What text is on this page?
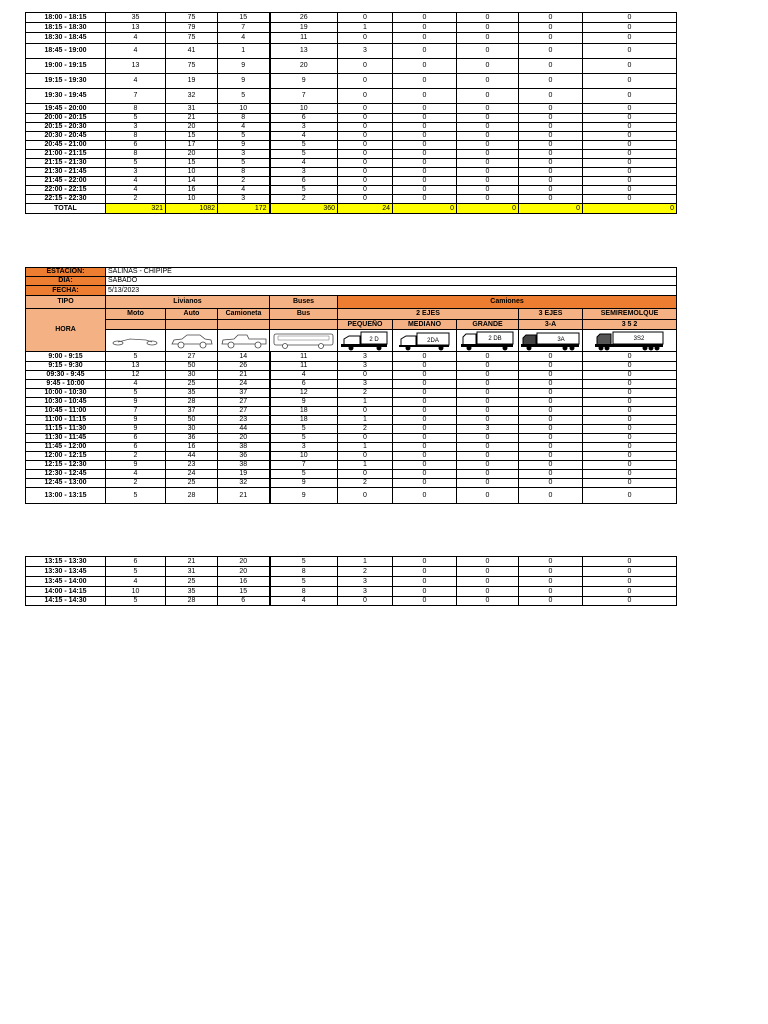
18:00 - 18:15	35	75	15	26	0	0	0	0	0
18:15 - 18:30	13	79	7	19	1	0	0	0	0
18:30 - 18:45	4	75	4	11	0	0	0	0	0
18:45 - 19:00	4	41	1	13	3	0	0	0	0
19:00 - 19:15	13	75	9	20	0	0	0	0	0
19:15 - 19:30	4	19	9	9	0	0	0	0	0
19:30 - 19:45	7	32	5	7	0	0	0	0	0
19:45 - 20:00	8	31	10	10	0	0	0	0	0
20:00 - 20:15	5	21	8	6	0	0	0	0	0
20:15 - 20:30	3	20	4	3	0	0	0	0	0
20:30 - 20:45	8	15	5	4	0	0	0	0	0
20:45 - 21:00	6	17	9	5	0	0	0	0	0
21:00 - 21:15	8	20	3	5	0	0	0	0	0
21:15 - 21:30	5	15	5	4	0	0	0	0	0
21:30 - 21:45	3	10	8	3	0	0	0	0	0
21:45 - 22:00	4	14	2	6	0	0	0	0	0
22:00 - 22:15	4	16	4	5	0	0	0	0	0
22:15 - 22:30	2	10	3	2	0	0	0	0	0
TOTAL	321	1082	172	360	24	0	0	0	0
ESTACIÓN:	SALINAS - CHIPIPE								
DÍA:	SABADO								
FECHA:	5/13/2023								
TIPO	Livianos			Buses	Camiones				
HORA	Moto	Auto	Camioneta	Bus	2 EJES			3 EJES	SEMIREMOLQUE
					PEQUEÑO	MEDIANO	GRANDE	3-A	3 5 2

2 D	2DA	2 DB	3A	3S2

9:00 - 9:15	5	27	14	11	3	0	0	0	0
9:15 - 9:30	13	50	26	11	3	0	0	0	0
09:30 - 9:45	12	30	21	4	0	0	0	0	0
9:45 - 10:00	4	25	24	6	3	0	0	0	0
10:00 - 10:30	5	35	37	12	2	0	0	0	0
10:30 - 10:45	9	28	27	9	1	0	0	0	0
10:45 - 11:00	7	37	27	18	0	0	0	0	0
11:00 - 11:15	9	50	23	18	1	0	0	0	0
11:15 - 11:30	9	30	44	5	2	0	3	0	0
11:30 - 11:45	6	36	20	5	0	0	0	0	0
11:45 - 12:00	6	16	38	3	1	0	0	0	0
12:00 - 12:15	2	44	36	10	0	0	0	0	0
12:15 - 12:30	9	23	38	7	1	0	0	0	0
12:30 - 12:45	4	24	19	5	0	0	0	0	0
12:45 - 13:00	2	25	32	9	2	0	0	0	0
13:00 - 13:15	5	28	21	9	0	0	0	0	0
13:15 - 13:30	6	21	20	5	1	0	0	0	0
13:30 - 13:45	5	31	20	8	2	0	0	0	0
13:45 - 14:00	4	25	16	5	3	0	0	0	0
14:00 - 14:15	10	35	15	8	3	0	0	0	0
14:15 - 14:30	5	28	6	4	0	0	0	0	0
